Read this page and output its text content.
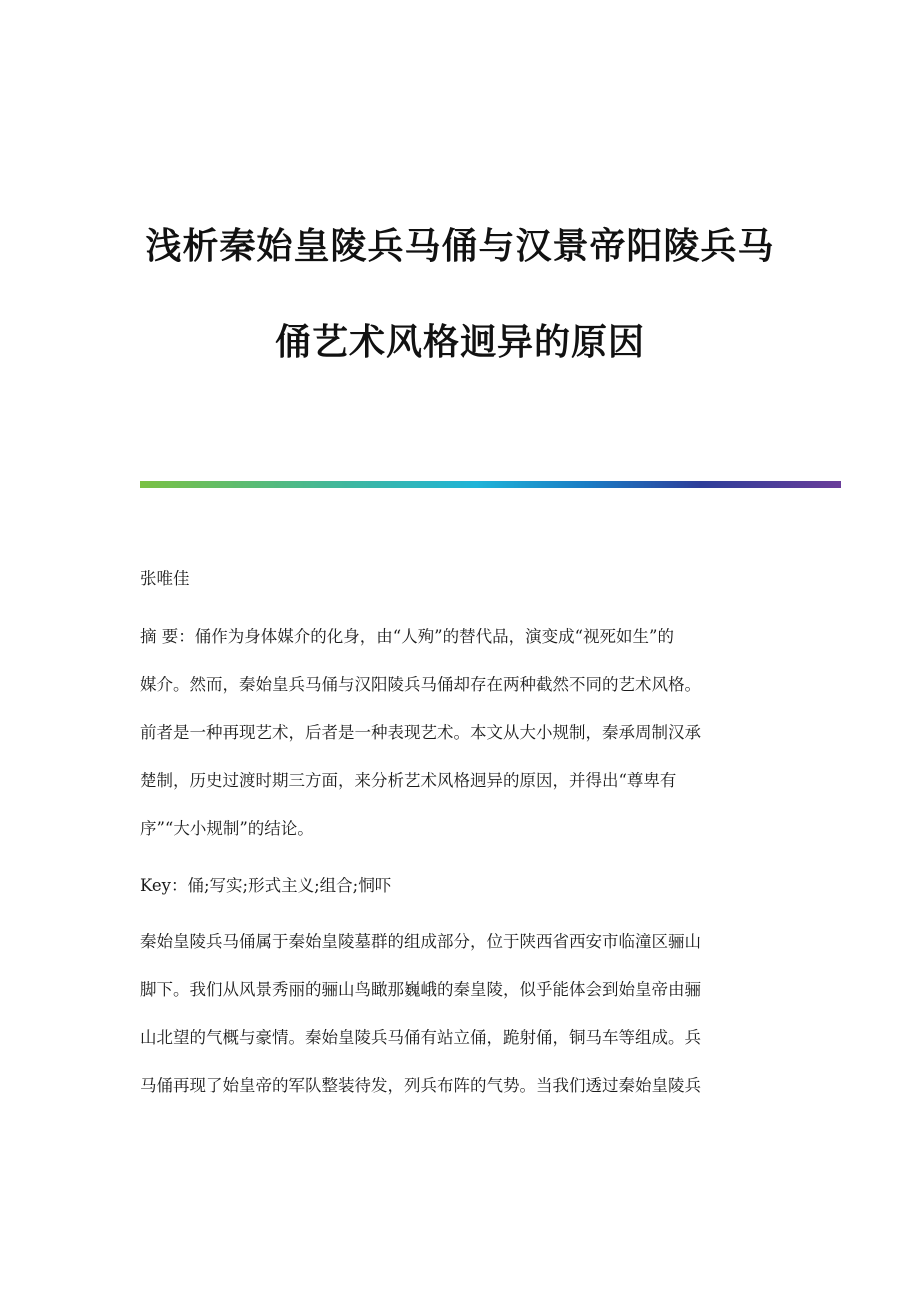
浅析秦始皇陵兵马俑与汉景帝阳陵兵马
俑艺术风格迥异的原因
张唯佳
摘 要：俑作为身体媒介的化身，由“人殉”的替代品，演变成“视死如生”的
媒介。然而，秦始皇兵马俑与汉阳陵兵马俑却存在两种截然不同的艺术风格。
前者是一种再现艺术，后者是一种表现艺术。本文从大小规制，秦承周制汉承
楚制，历史过渡时期三方面，来分析艺术风格迥异的原因，并得出“尊卑有
序”“大小规制”的结论。
Key：俑;写实;形式主义;组合;恫吓
秦始皇陵兵马俑属于秦始皇陵墓群的组成部分，位于陕西省西安市临潼区骊山
脚下。我们从风景秀丽的骊山鸟瞰那巍峨的秦皇陵，似乎能体会到始皇帝由骊
山北望的气概与豪情。秦始皇陵兵马俑有站立俑，跪射俑，铜马车等组成。兵
马俑再现了始皇帝的军队整装待发，列兵布阵的气势。当我们透过秦始皇陵兵
